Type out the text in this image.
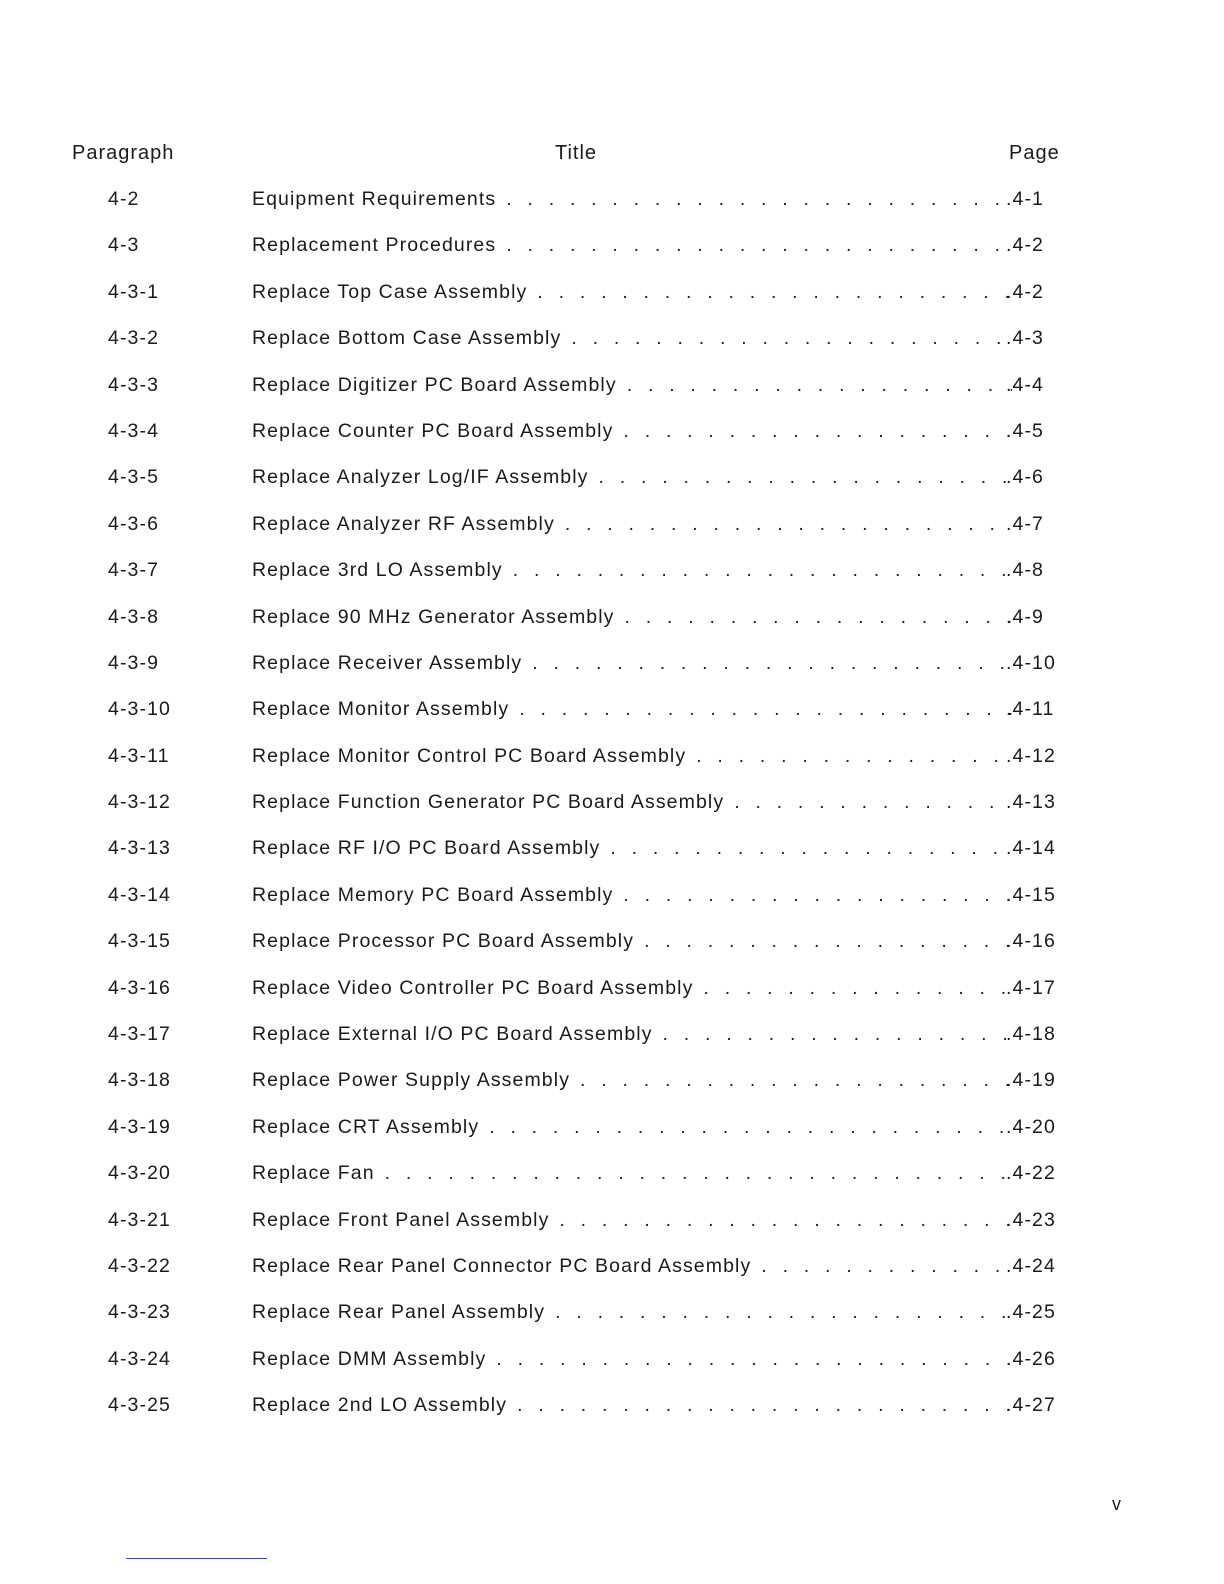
Paragraph	Title	Page
4-2	Equipment Requirements . . .	.4-1
4-3	Replacement Procedures . . .	.4-2
4-3-1	Replace Top Case Assembly . . .	.4-2
4-3-2	Replace Bottom Case Assembly . . .	.4-3
4-3-3	Replace Digitizer PC Board Assembly . . .	.4-4
4-3-4	Replace Counter PC Board Assembly . . .	.4-5
4-3-5	Replace Analyzer Log/IF Assembly . . .	.4-6
4-3-6	Replace Analyzer RF Assembly . . .	.4-7
4-3-7	Replace 3rd LO Assembly . . .	.4-8
4-3-8	Replace 90 MHz Generator Assembly . . .	.4-9
4-3-9	Replace Receiver Assembly . . .	.4-10
4-3-10	Replace Monitor Assembly . . .	.4-11
4-3-11	Replace Monitor Control PC Board Assembly . . .	.4-12
4-3-12	Replace Function Generator PC Board Assembly . . .	.4-13
4-3-13	Replace RF I/O PC Board Assembly . . .	.4-14
4-3-14	Replace Memory PC Board Assembly . . .	.4-15
4-3-15	Replace Processor PC Board Assembly . . .	.4-16
4-3-16	Replace Video Controller PC Board Assembly . . .	.4-17
4-3-17	Replace External I/O PC Board Assembly . . .	.4-18
4-3-18	Replace Power Supply Assembly . . .	.4-19
4-3-19	Replace CRT Assembly . . .	.4-20
4-3-20	Replace Fan . . .	.4-22
4-3-21	Replace Front Panel Assembly . . .	.4-23
4-3-22	Replace Rear Panel Connector PC Board Assembly . . .	.4-24
4-3-23	Replace Rear Panel Assembly . . .	.4-25
4-3-24	Replace DMM Assembly . . .	.4-26
4-3-25	Replace 2nd LO Assembly . . .	.4-27
v
